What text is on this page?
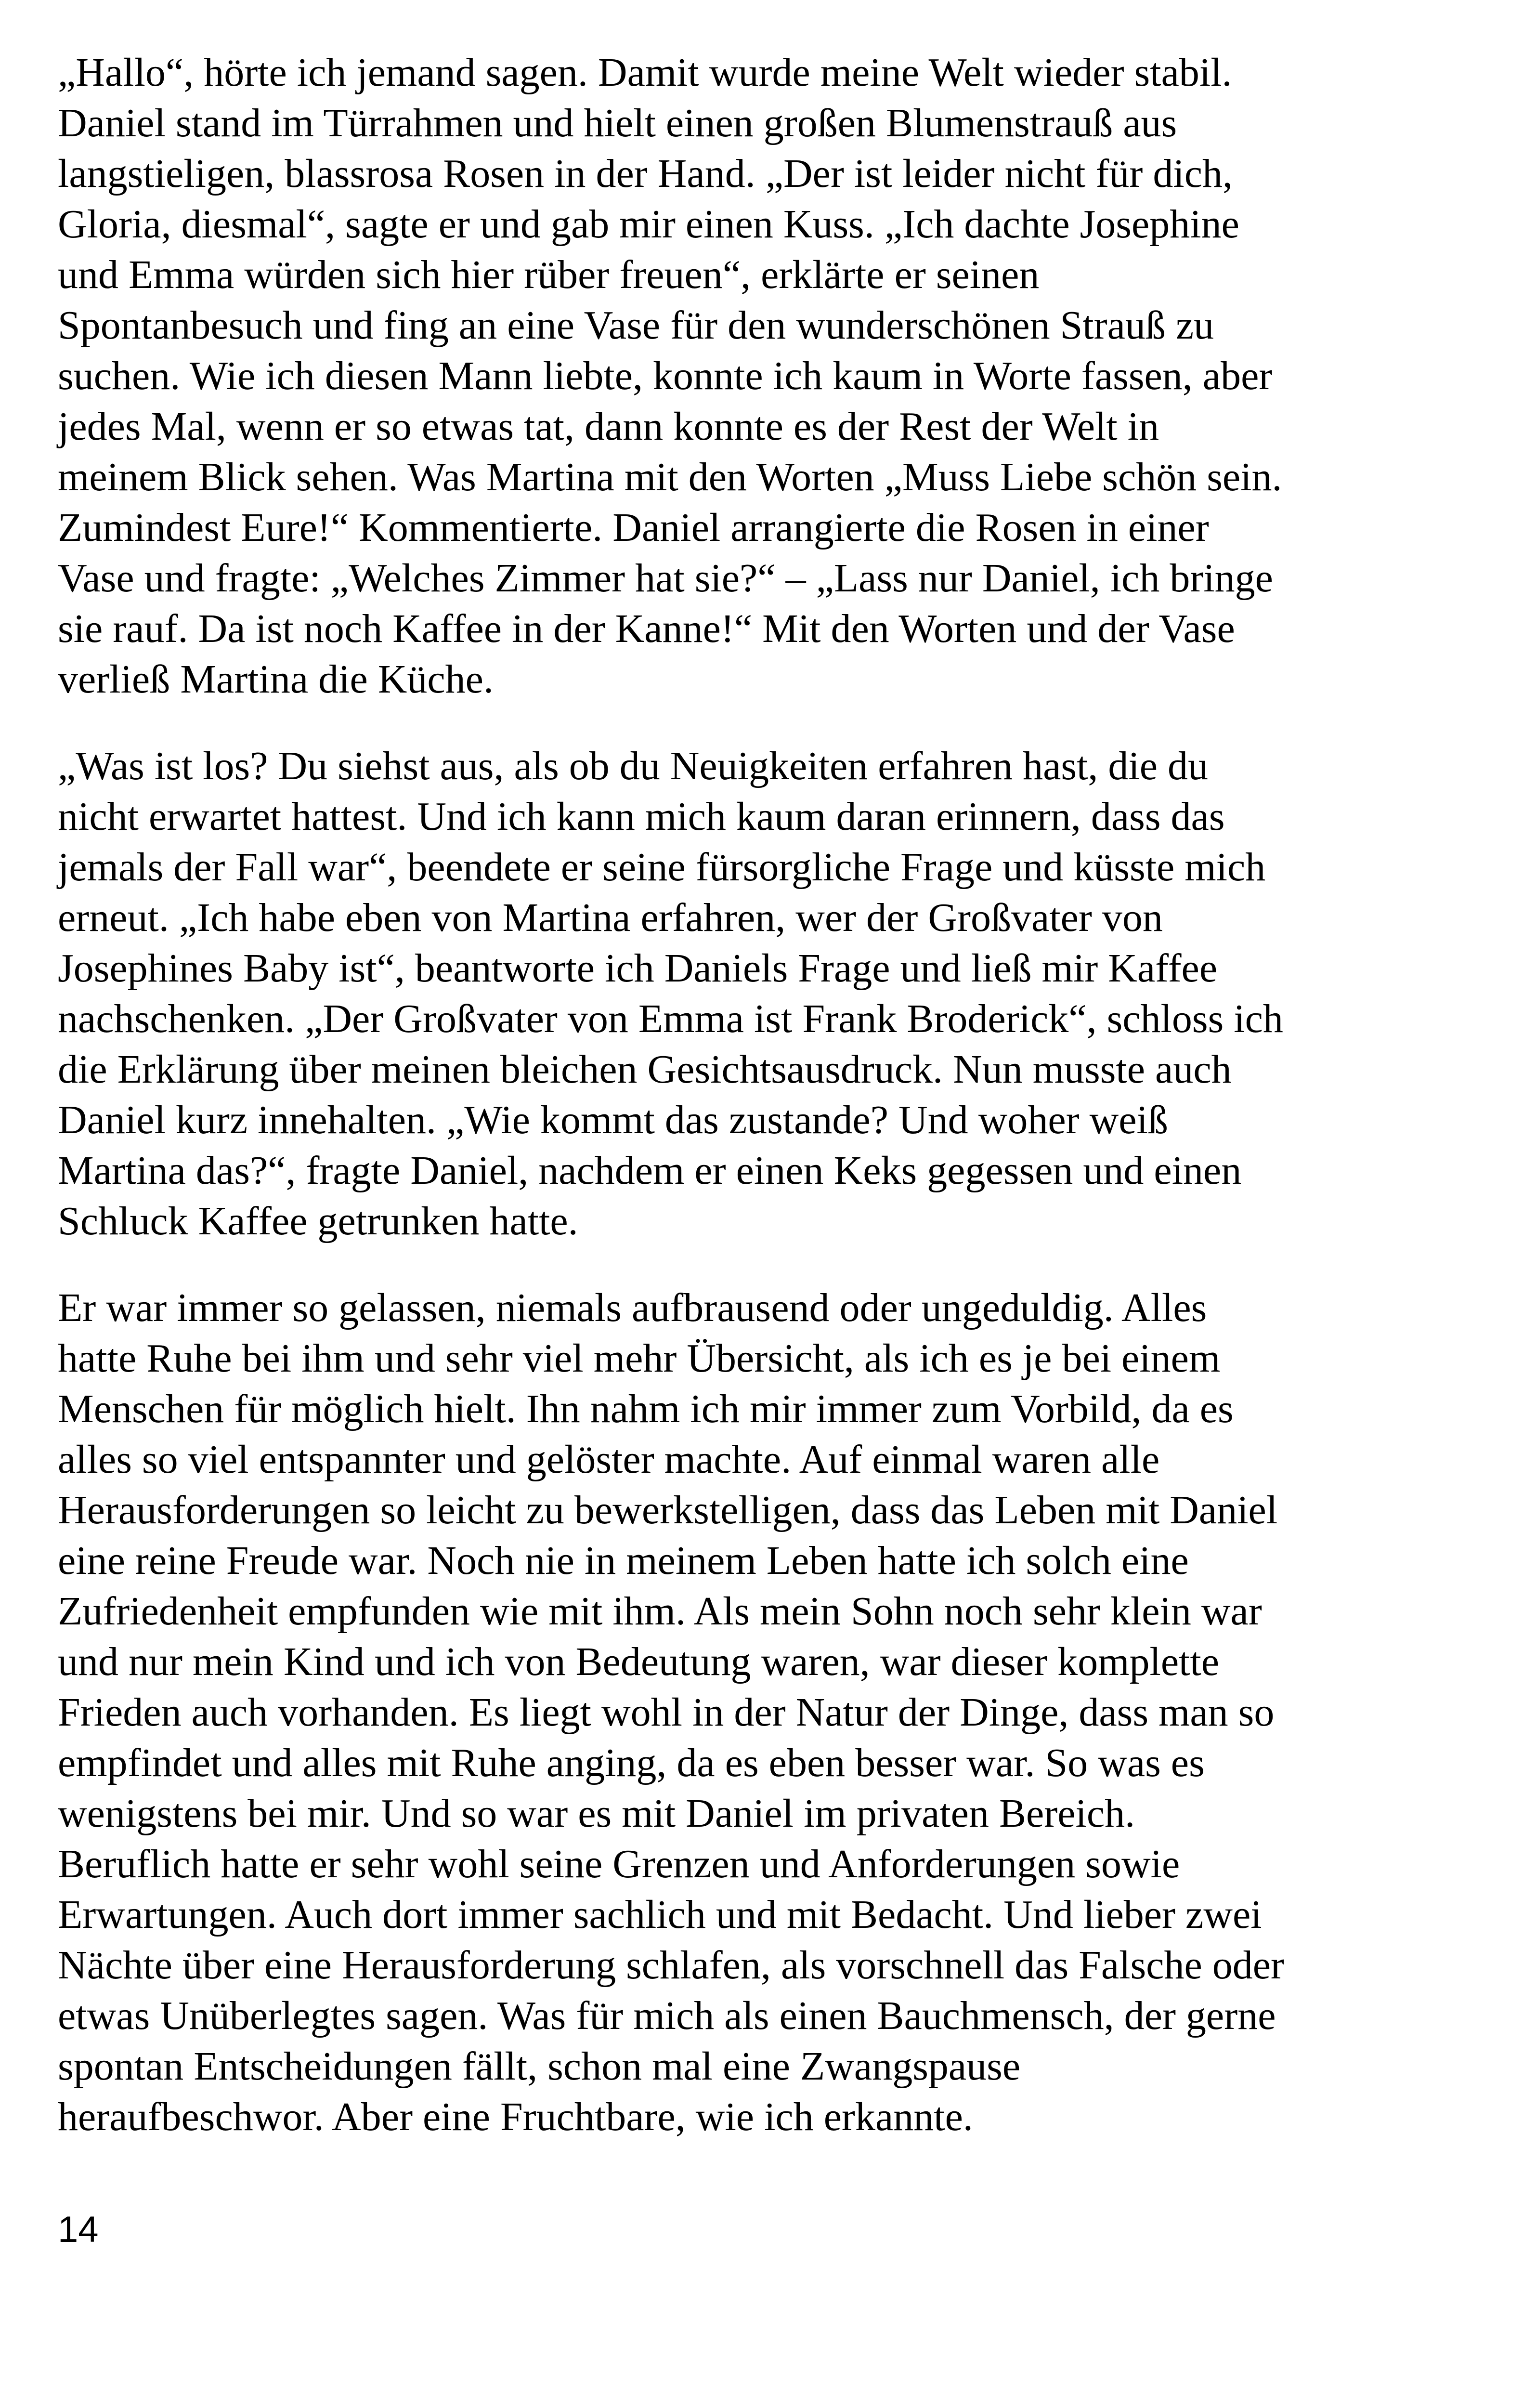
„Hallo“, hörte ich jemand sagen. Damit wurde meine Welt wieder stabil.
Daniel stand im Türrahmen und hielt einen großen Blumenstrauß aus
langstieligen, blassrosa Rosen in der Hand. „Der ist leider nicht für dich,
Gloria, diesmal“, sagte er und gab mir einen Kuss. „Ich dachte Josephine
und Emma würden sich hier rüber freuen“, erklärte er seinen
Spontanbesuch und fing an eine Vase für den wunderschönen Strauß zu
suchen. Wie ich diesen Mann liebte, konnte ich kaum in Worte fassen, aber
jedes Mal, wenn er so etwas tat, dann konnte es der Rest der Welt in
meinem Blick sehen. Was Martina mit den Worten „Muss Liebe schön sein.
Zumindest Eure!“ Kommentierte. Daniel arrangierte die Rosen in einer
Vase und fragte: „Welches Zimmer hat sie?“ – „Lass nur Daniel, ich bringe
sie rauf. Da ist noch Kaffee in der Kanne!“ Mit den Worten und der Vase
verließ Martina die Küche.
„Was ist los? Du siehst aus, als ob du Neuigkeiten erfahren hast, die du
nicht erwartet hattest. Und ich kann mich kaum daran erinnern, dass das
jemals der Fall war“, beendete er seine fürsorgliche Frage und küsste mich
erneut. „Ich habe eben von Martina erfahren, wer der Großvater von
Josephines Baby ist“, beantworte ich Daniels Frage und ließ mir Kaffee
nachschenken. „Der Großvater von Emma ist Frank Broderick“, schloss ich
die Erklärung über meinen bleichen Gesichtsausdruck. Nun musste auch
Daniel kurz innehalten. „Wie kommt das zustande? Und woher weiß
Martina das?“, fragte Daniel, nachdem er einen Keks gegessen und einen
Schluck Kaffee getrunken hatte.
Er war immer so gelassen, niemals aufbrausend oder ungeduldig. Alles
hatte Ruhe bei ihm und sehr viel mehr Übersicht, als ich es je bei einem
Menschen für möglich hielt. Ihn nahm ich mir immer zum Vorbild, da es
alles so viel entspannter und gelöster machte. Auf einmal waren alle
Herausforderungen so leicht zu bewerkstelligen, dass das Leben mit Daniel
eine reine Freude war. Noch nie in meinem Leben hatte ich solch eine
Zufriedenheit empfunden wie mit ihm. Als mein Sohn noch sehr klein war
und nur mein Kind und ich von Bedeutung waren, war dieser komplette
Frieden auch vorhanden. Es liegt wohl in der Natur der Dinge, dass man so
empfindet und alles mit Ruhe anging, da es eben besser war. So was es
wenigstens bei mir. Und so war es mit Daniel im privaten Bereich.
Beruflich hatte er sehr wohl seine Grenzen und Anforderungen sowie
Erwartungen. Auch dort immer sachlich und mit Bedacht. Und lieber zwei
Nächte über eine Herausforderung schlafen, als vorschnell das Falsche oder
etwas Unüberlegtes sagen. Was für mich als einen Bauchmensch, der gerne
spontan Entscheidungen fällt, schon mal eine Zwangspause
heraufbeschwor. Aber eine Fruchtbare, wie ich erkannte.
14
